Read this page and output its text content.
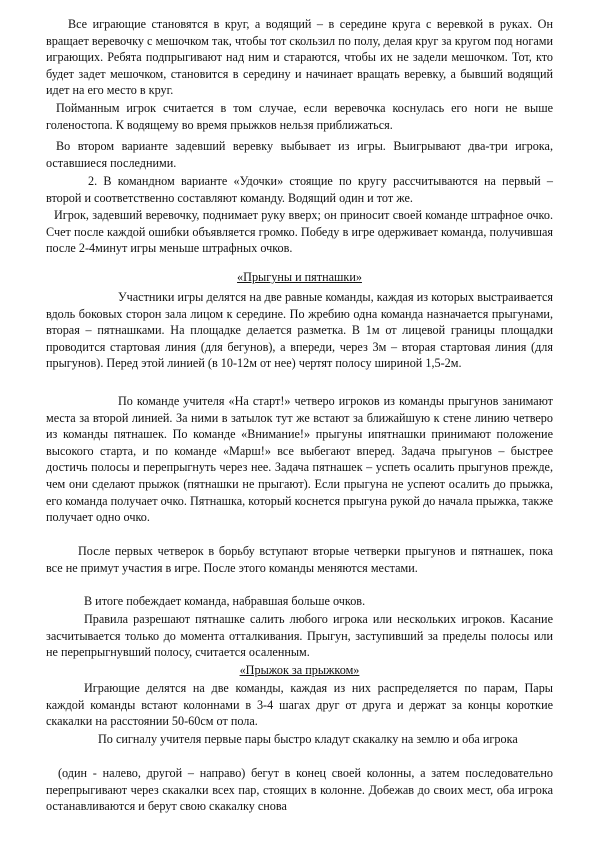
Все играющие становятся в круг, а водящий – в середине круга с веревкой в руках. Он вращает веревочку с мешочком так, чтобы тот скользил по полу, делая круг за кругом под ногами играющих. Ребята подпрыгивают над ним и стараются, чтобы их не задели мешочком. Тот, кто будет задет мешочком, становится в середину и начинает вращать веревку, а бывший водящий идет на его место в круг.

Пойманным игрок считается в том случае, если веревочка коснулась его ноги не выше голеностопа. К водящему во время прыжков нельзя приближаться.

Во втором варианте задевший веревку выбывает из игры. Выигрывают два-три игрока, оставшиеся последними.

2. В командном варианте «Удочки» стоящие по кругу рассчитываются на первый – второй и соответственно составляют команду. Водящий один и тот же.

Игрок, задевший веревочку, поднимает руку вверх; он приносит своей команде штрафное очко. Счет после каждой ошибки объявляется громко. Победу в игре одерживает команда, получившая после 2-4минут игры меньше штрафных очков.

«Прыгуны и пятнашки»

Участники игры делятся на две равные команды, каждая из которых выстраивается вдоль боковых сторон зала лицом к середине. По жребию одна команда назначается прыгунами, вторая – пятнашками. На площадке делается разметка. В 1м от лицевой границы площадки проводится стартовая линия (для бегунов), а впереди, через 3м – вторая стартовая линия (для прыгунов). Перед этой линией (в 10-12м от нее) чертят полосу шириной 1,5-2м.

По команде учителя «На старт!» четверо игроков из команды прыгунов занимают места за второй линией. За ними в затылок тут же встают за ближайшую к стене линию четверо из команды пятнашек. По команде «Внимание!» прыгуны ипятнашки принимают положение высокого старта, и по команде «Марш!» все выбегают вперед. Задача прыгунов – быстрее достичь полосы и перепрыгнуть через нее. Задача пятнашек – успеть осалить прыгунов прежде, чем они сделают прыжок (пятнашки не прыгают). Если прыгуна не успеют осалить до прыжка, его команда получает очко. Пятнашка, который коснется прыгуна рукой до начала прыжка, также получает одно очко.

После первых четверок в борьбу вступают вторые четверки прыгунов и пятнашек, пока все не примут участия в игре. После этого команды меняются местами.

В итоге побеждает команда, набравшая больше очков.

Правила разрешают пятнашке салить любого игрока или нескольких игроков. Касание засчитывается только до момента отталкивания. Прыгун, заступивший за пределы полосы или не перепрыгнувший полосу, считается осаленным.

«Прыжок за прыжком»

Играющие делятся на две команды, каждая из них распределяется по парам, Пары каждой команды встают колоннами в 3-4 шагах друг от друга и держат за концы короткие скакалки на расстоянии 50-60см от пола.

По сигналу учителя первые пары быстро кладут скакалку на землю и оба игрока

(один - налево, другой – направо) бегут в конец своей колонны, а затем последовательно перепрыгивают через скакалки всех пар, стоящих в колонне. Добежав до своих мест, оба игрока останавливаются и берут свою скакалку снова
